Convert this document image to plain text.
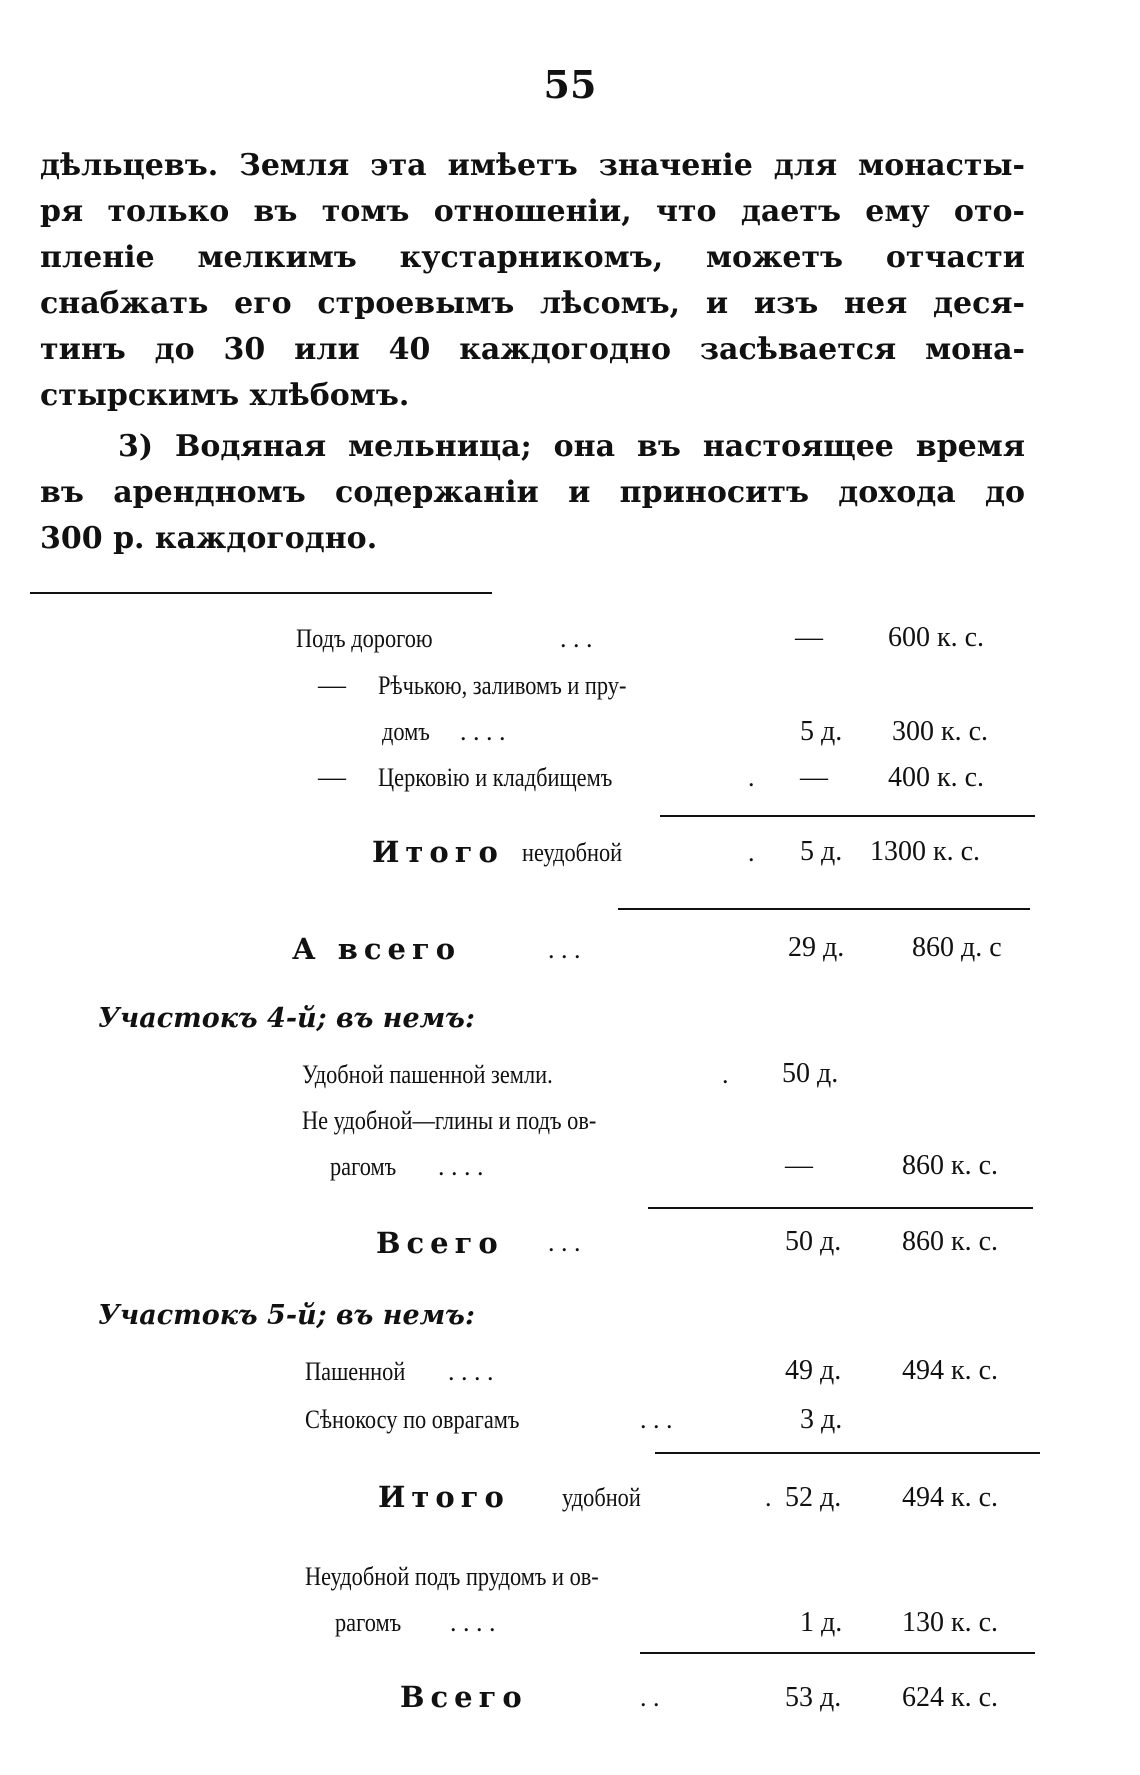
55
дѣльцевъ. Земля эта имѣетъ значеніе для монасты-
ря только въ томъ отношеніи, что даетъ ему ото-
пленіе мелкимъ кустарникомъ, можетъ отчасти
снабжать его строевымъ лѣсомъ, и изъ нея деся-
тинъ до 30 или 40 каждогодно засѣвается мона-
стырскимъ хлѣбомъ.
3) Водяная мельница; она въ настоящее время
въ арендномъ содержаніи и приноситъ дохода до
300 р. каждогодно.
Подъ дорогою	. . .	— 600 к. с.
— Рѣчькою, заливомъ и пру-
домъ . . . .	5 д. 300 к. с.
— Церковію и кладбищемъ	. — 400 к. с.
Итого неудобной	. 5 д. 1300 к. с.
А всего	. . .	29 д. 860 д. с
Участокъ 4-й; въ немъ:
Удобной пашенной земли.	. 50 д.
Не удобной—глины и подъ ов-
рагомъ . . . .	—	860 к. с.
Всего . . .	50 д. 860 к. с.
Участокъ 5-й; въ немъ:
Пашенной . . . .	49 д. 494 к. с.
Сѣнокосу по оврагамъ	. . .	3 д.
Итого удобной	. 52 д. 494 к. с.
Неудобной подъ прудомъ и ов-
рагомъ . . . .	1 д. 130 к. с.
Всего	. .	53 д. 624 к. с.
